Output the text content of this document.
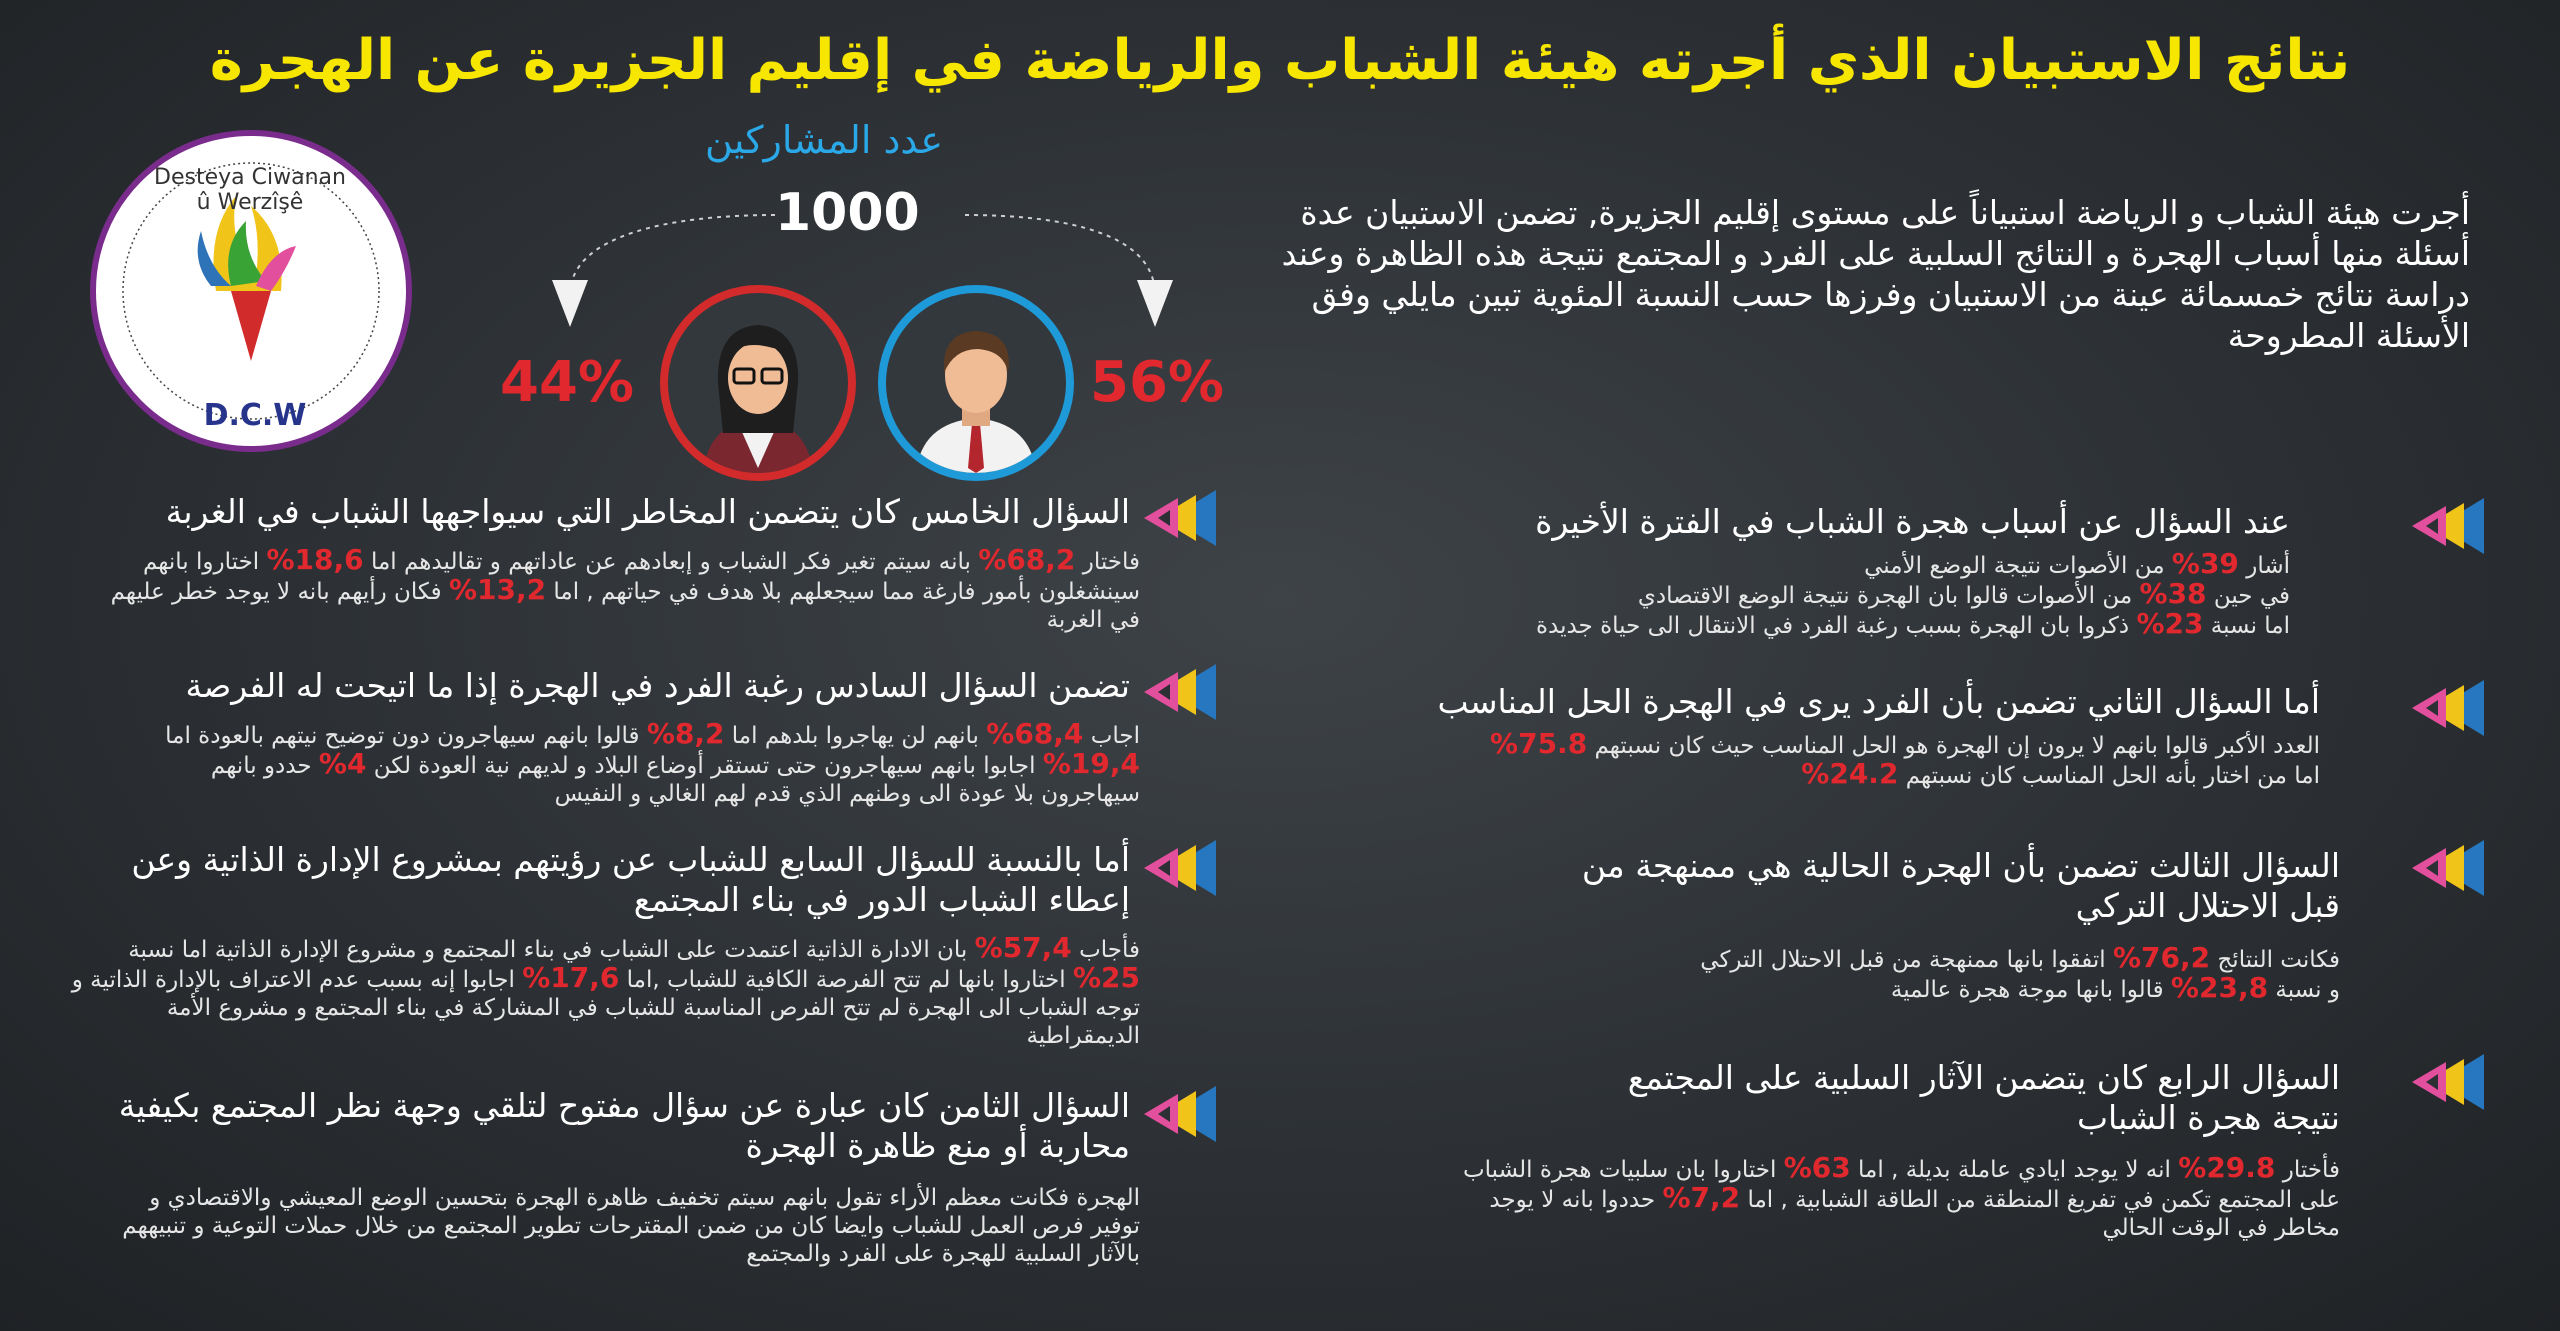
نتائج الاستبيان الذي أجرته هيئة الشباب والرياضة في إقليم الجزيرة عن الهجرة
أجرت هيئة الشباب و الرياضة استبياناً على مستوى إقليم الجزيرة, تضمن الاستبيان عدة أسئلة منها أسباب الهجرة و النتائج السلبية على الفرد و المجتمع نتيجة هذه الظاهرة وعند دراسة نتائج خمسمائة عينة من الاستبيان وفرزها حسب النسبة المئوية تبين مايلي وفق الأسئلة المطروحة
عدد المشاركين
1000
44%	56%
Desteya Ciwanan û Werzîşê
D.C.W
عند السؤال عن أسباب هجرة الشباب في الفترة الأخيرة
أشار 39% من الأصوات نتيجة الوضع الأمني
في حين 38% من الأصوات قالوا بان الهجرة نتيجة الوضع الاقتصادي
اما نسبة 23% ذكروا بان الهجرة بسبب رغبة الفرد في الانتقال الى حياة جديدة
أما السؤال الثاني تضمن بأن الفرد يرى في الهجرة الحل المناسب
العدد الأكبر قالوا بانهم لا يرون إن الهجرة هو الحل المناسب حيث كان نسبتهم 75.8%
اما من اختار بأنه الحل المناسب كان نسبتهم 24.2%
السؤال الثالث تضمن بأن الهجرة الحالية هي ممنهجة من قبل الاحتلال التركي
فكانت النتائج 76,2% اتفقوا بانها ممنهجة من قبل الاحتلال التركي
و نسبة 23,8% قالوا بانها موجة هجرة عالمية
السؤال الرابع كان يتضمن الآثار السلبية على المجتمع نتيجة هجرة الشباب
فأختار 29.8% انه لا يوجد ايادي عاملة بديلة , اما 63% اختاروا بان سلبيات هجرة الشباب على المجتمع تكمن في تفريغ المنطقة من الطاقة الشبابية , اما 7,2% حددوا بانه لا يوجد مخاطر في الوقت الحالي
السؤال الخامس كان يتضمن المخاطر التي سيواجهها الشباب في الغربة
فاختار 68,2% بانه سيتم تغير فكر الشباب و إبعادهم عن عاداتهم و تقاليدهم اما 18,6% اختاروا بانهم سينشغلون بأمور فارغة مما سيجعلهم بلا هدف في حياتهم , اما 13,2% فكان رأيهم بانه لا يوجد خطر عليهم في الغربة
تضمن السؤال السادس رغبة الفرد في الهجرة إذا ما اتيحت له الفرصة
اجاب 68,4% بانهم لن يهاجروا بلدهم اما 8,2% قالوا بانهم سيهاجرون دون توضيح نيتهم بالعودة اما 19,4% اجابوا بانهم سيهاجرون حتى تستقر أوضاع البلاد و لديهم نية العودة لكن 4% حددو بانهم سيهاجرون بلا عودة الى وطنهم الذي قدم لهم الغالي و النفيس
أما بالنسبة للسؤال السابع للشباب عن رؤيتهم بمشروع الإدارة الذاتية وعن إعطاء الشباب الدور في بناء المجتمع
فأجاب 57,4% بان الادارة الذاتية اعتمدت على الشباب في بناء المجتمع و مشروع الإدارة الذاتية اما نسبة 25% اختاروا بانها لم تتح الفرصة الكافية للشباب ,اما 17,6% اجابوا إنه بسبب عدم الاعتراف بالإدارة الذاتية و توجه الشباب الى الهجرة لم تتح الفرص المناسبة للشباب في المشاركة في بناء المجتمع و مشروع الأمة الديمقراطية
السؤال الثامن كان عبارة عن سؤال مفتوح لتلقي وجهة نظر المجتمع بكيفية محاربة أو منع ظاهرة الهجرة
الهجرة فكانت معظم الأراء تقول بانهم سيتم تخفيف ظاهرة الهجرة بتحسين الوضع المعيشي والاقتصادي و توفير فرص العمل للشباب وايضا كان من ضمن المقترحات تطوير المجتمع من خلال حملات التوعية و تنبيههم بالآثار السلبية للهجرة على الفرد والمجتمع
